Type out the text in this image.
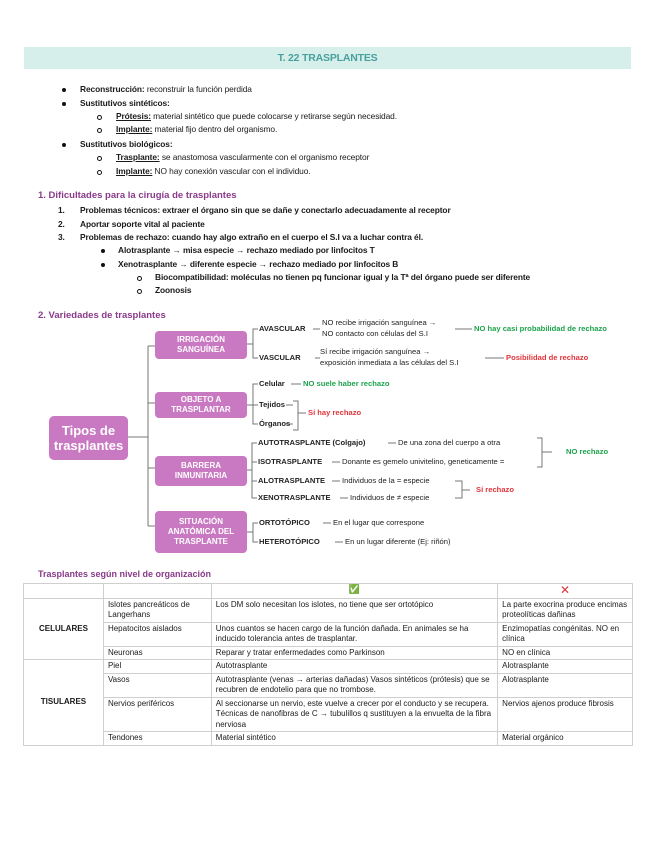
T. 22 TRASPLANTES
Reconstrucción: reconstruir la función perdida
Sustitutivos sintéticos:
Prótesis: material sintético que puede colocarse y retirarse según necesidad.
Implante: material fijo dentro del organismo.
Sustitutivos biológicos:
Trasplante: se anastomosa vascularmente con el organismo receptor
Implante: NO hay conexión vascular con el individuo.
1. Dificultades para la cirugía de trasplantes
1. Problemas técnicos: extraer el órgano sin que se dañe y conectarlo adecuadamente al receptor
2. Aportar soporte vital al paciente
3. Problemas de rechazo: cuando hay algo extraño en el cuerpo el S.I va a luchar contra él.
Alotrasplante → misa especie → rechazo mediado por linfocitos T
Xenotrasplante → diferente especie → rechazo mediado por linfocitos B
Biocompatibilidad: moléculas no tienen pq funcionar igual y la Tª del órgano puede ser diferente
Zoonosis
2. Variedades de trasplantes
Tipos de trasplantes
IRRIGACIÓN SANGUÍNEA
OBJETO A TRASPLANTAR
BARRERA INMUNITARIA
SITUACIÓN ANATÓMICA DEL TRASPLANTE
AVASCULAR
NO recibe irrigación sanguínea →
NO contacto con células del S.I
NO hay casi probabilidad de rechazo
VASCULAR
Sí recibe irrigación sanguínea →
exposición inmediata a las células del S.I
Posibilidad de rechazo
Celular NO suele haber rechazo
Tejidos
Órganos
Sí hay rechazo
AUTOTRASPLANTE (Colgajo)	De una zona del cuerpo a otra
ISOTRASPLANTE	Donante es gemelo univitelino, geneticamente =
NO rechazo
ALOTRASPLANTE Individuos de la = especie
XENOTRASPLANTE	Individuos de ≠ especie
Sí rechazo
ORTOTÓPICO	En el lugar que correspone
HETEROTÓPICO	En un lugar diferente (Ej: riñón)
Trasplantes según nivel de organización
		✅	✕
CELULARES	Islotes pancreáticos de Langerhans	Los DM solo necesitan los islotes, no tiene que ser ortotópico	La parte exocrina produce encimas proteolíticas dañinas
	Hepatocitos aislados	Unos cuantos se hacen cargo de la función dañada. En animales se ha inducido tolerancia antes de trasplantar.	Enzimopatías congénitas. NO en clínica
	Neuronas	Reparar y tratar enfermedades como Parkinson	NO en clínica
TISULARES	Piel	Autotrasplante	Alotrasplante
	Vasos	Autotrasplante (venas → arterias dañadas) Vasos sintéticos (prótesis) que se recubren de endotelio para que no trombose.	Alotrasplante
	Nervios periféricos	Al seccionarse un nervio, este vuelve a crecer por el conducto y se recupera. Técnicas de nanofibras de C → tubulillos q sustituyen a la envuelta de la fibra nerviosa	Nervios ajenos produce fibrosis
	Tendones	Material sintético	Material orgánico
